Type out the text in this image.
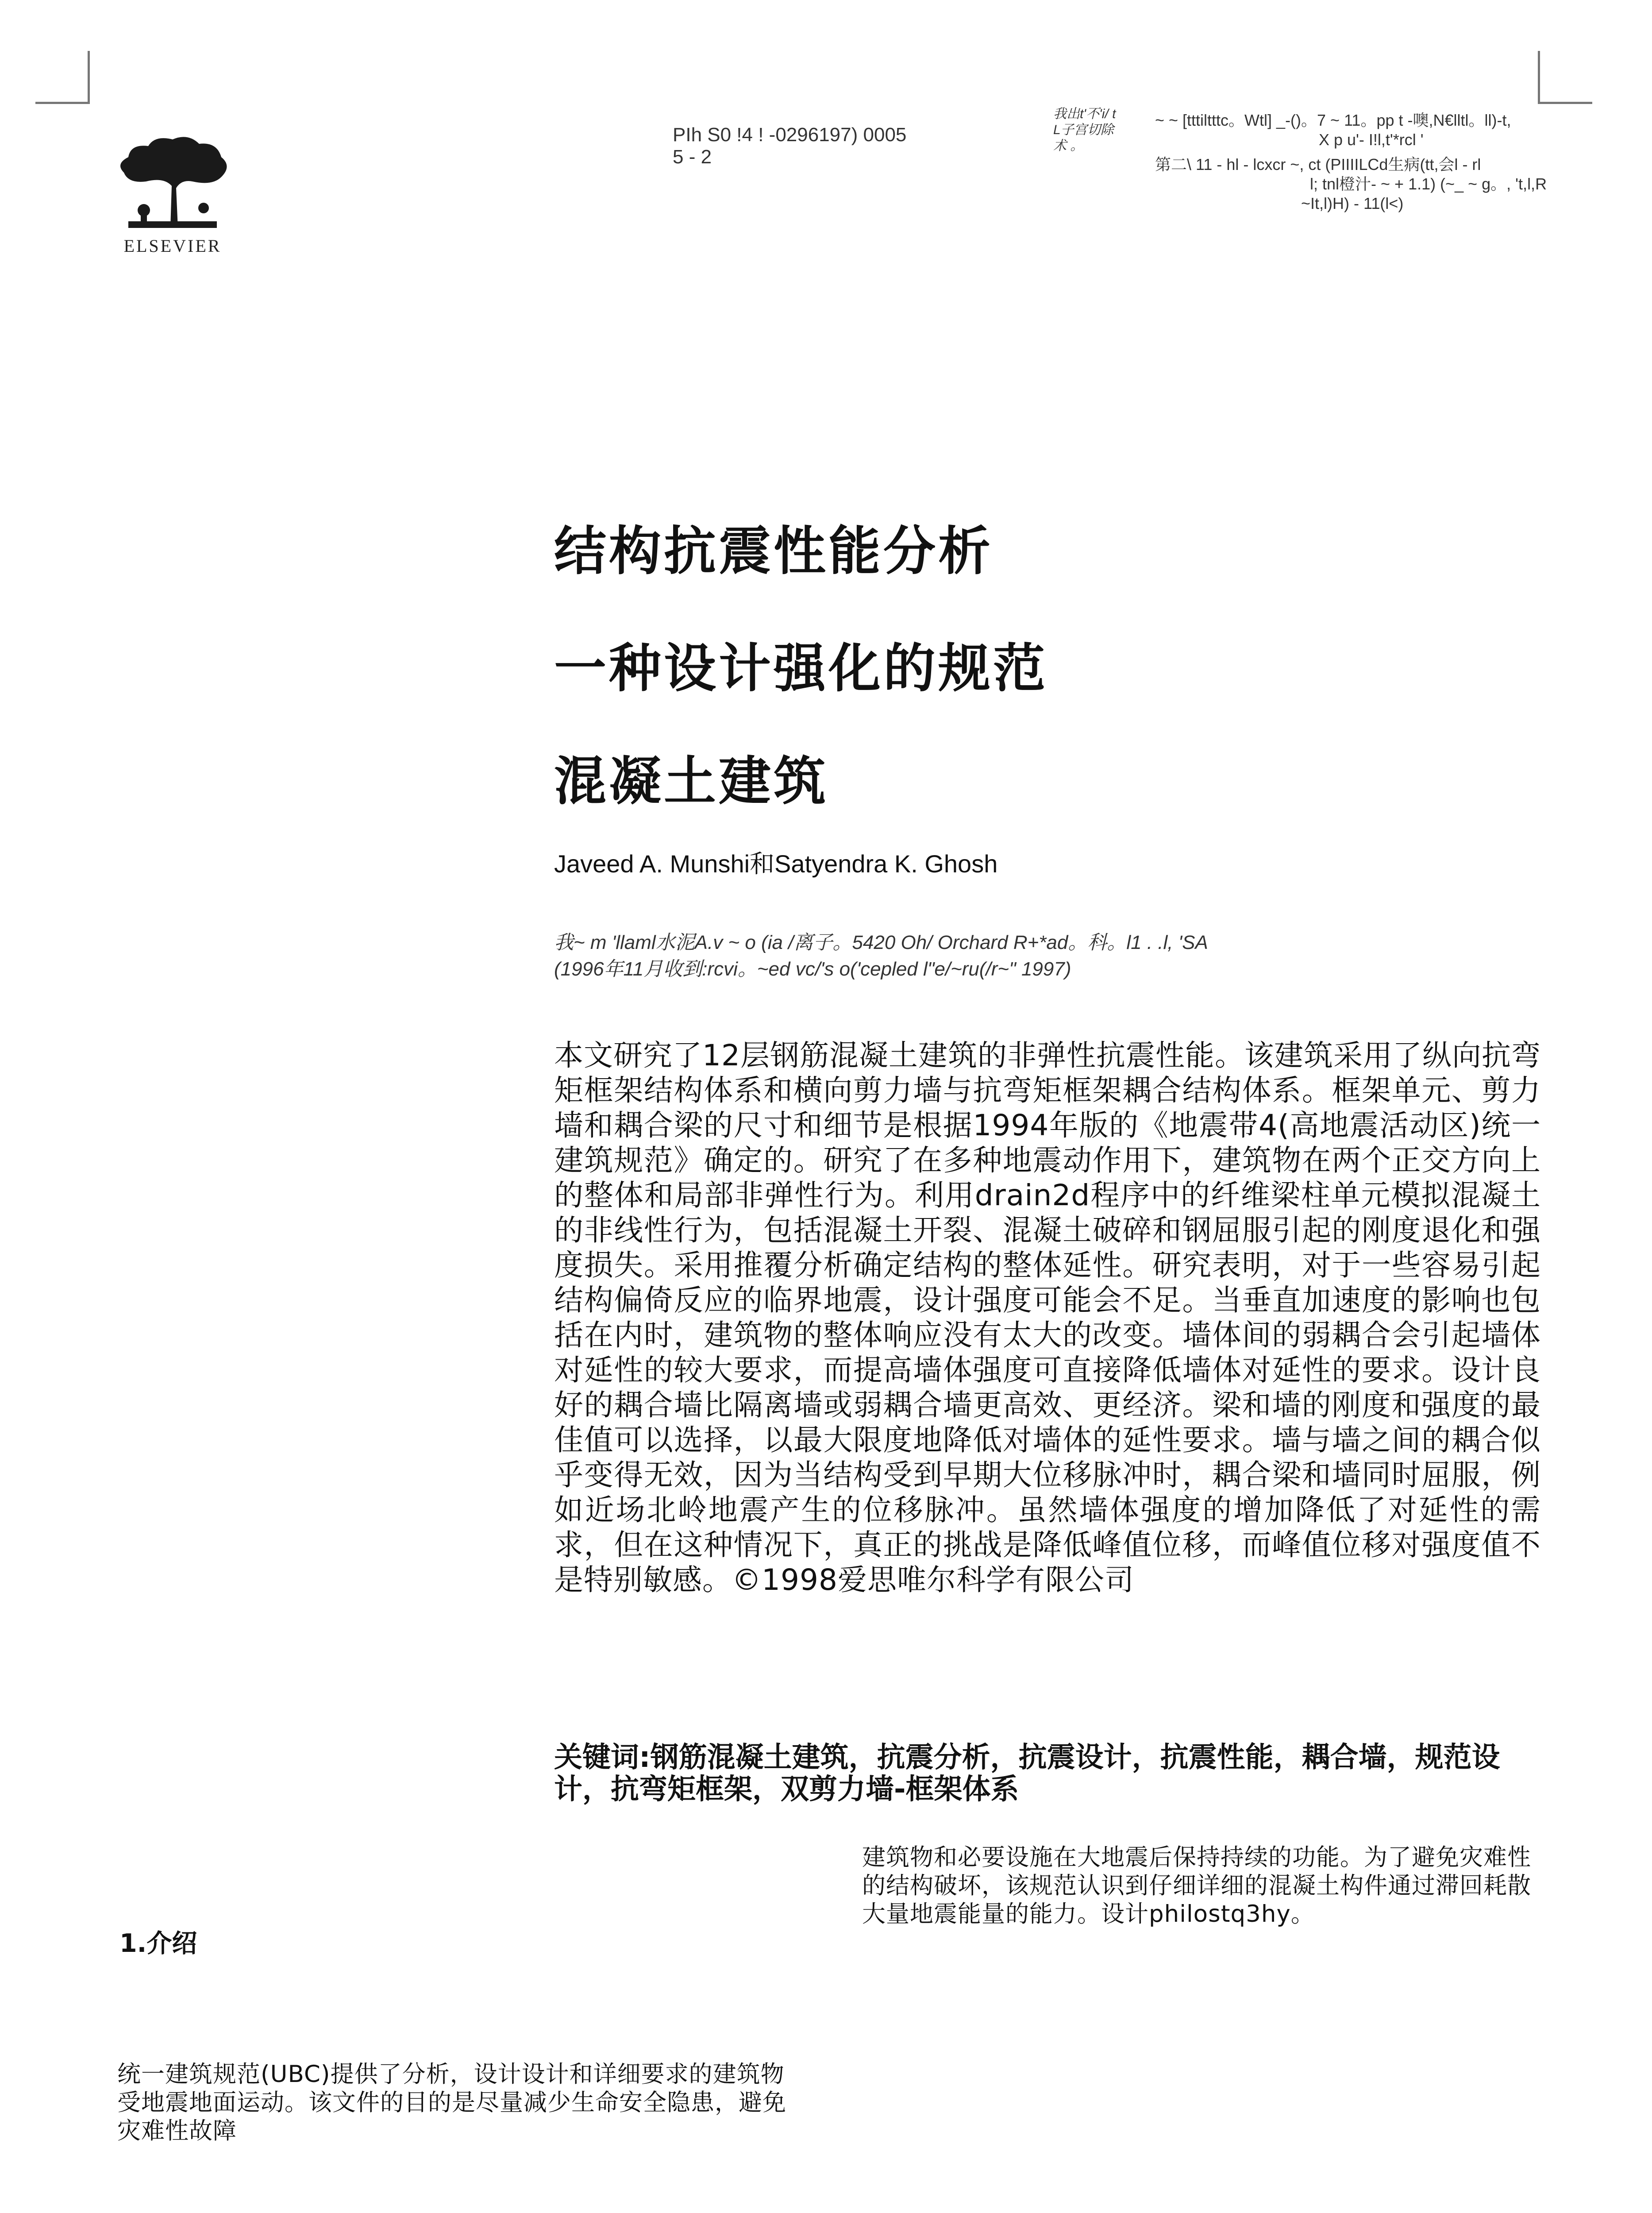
ELSEVIER
PIh S0 !4 ! -0296197) 0005
5 - 2
我出t'不'i/ t
L子宫切除
术 。
~ ~ [tttiltttc。Wtl] _-()。7 ~ 11。pp t -噢,N€lltl。ll)-t,
X p u'- I!l,t'*rcl '
第二\ 11 - hl - lcxcr ~, ct (PIIIILCd生病(tt,会l - rl
l; tnl橙汁- ~ + 1.1) (~_ ~ g。, 't,l,R
~It,l)H) - 11(l<)
结构抗震性能分析
一种设计强化的规范
混凝土建筑
Javeed A. Munshi和Satyendra K. Ghosh
我~ m 'llaml水泥A.v ~ o (ia /离子。5420 Oh/ Orchard R+*ad。科。l1 . .l, 'SA
(1996年11月收到:rcvi。~ed vc/'s o('cepled l"e/~ru(/r~" 1997)
本文研究了12层钢筋混凝土建筑的非弹性抗震性能。该建筑采用了纵向抗弯矩框架结构体系和横向剪力墙与抗弯矩框架耦合结构体系。框架单元、剪力墙和耦合梁的尺寸和细节是根据1994年版的《地震带4(高地震活动区)统一建筑规范》确定的。研究了在多种地震动作用下，建筑物在两个正交方向上的整体和局部非弹性行为。利用drain2d程序中的纤维梁柱单元模拟混凝土的非线性行为，包括混凝土开裂、混凝土破碎和钢屈服引起的刚度退化和强度损失。采用推覆分析确定结构的整体延性。研究表明，对于一些容易引起结构偏倚反应的临界地震，设计强度可能会不足。当垂直加速度的影响也包括在内时，建筑物的整体响应没有太大的改变。墙体间的弱耦合会引起墙体对延性的较大要求，而提高墙体强度可直接降低墙体对延性的要求。设计良好的耦合墙比隔离墙或弱耦合墙更高效、更经济。梁和墙的刚度和强度的最佳值可以选择，以最大限度地降低对墙体的延性要求。墙与墙之间的耦合似乎变得无效，因为当结构受到早期大位移脉冲时，耦合梁和墙同时屈服，例如近场北岭地震产生的位移脉冲。虽然墙体强度的增加降低了对延性的需求，但在这种情况下，真正的挑战是降低峰值位移，而峰值位移对强度值不是特别敏感。©1998爱思唯尔科学有限公司
关键词:钢筋混凝土建筑，抗震分析，抗震设计，抗震性能，耦合墙，规范设计，抗弯矩框架，双剪力墙-框架体系
建筑物和必要设施在大地震后保持持续的功能。为了避免灾难性的结构破坏，该规范认识到仔细详细的混凝土构件通过滞回耗散大量地震能量的能力。设计philostq3hy。
1.介绍
统一建筑规范(UBC)提供了分析，设计设计和详细要求的建筑物受地震地面运动。该文件的目的是尽量减少生命安全隐患，避免灾难性故障
